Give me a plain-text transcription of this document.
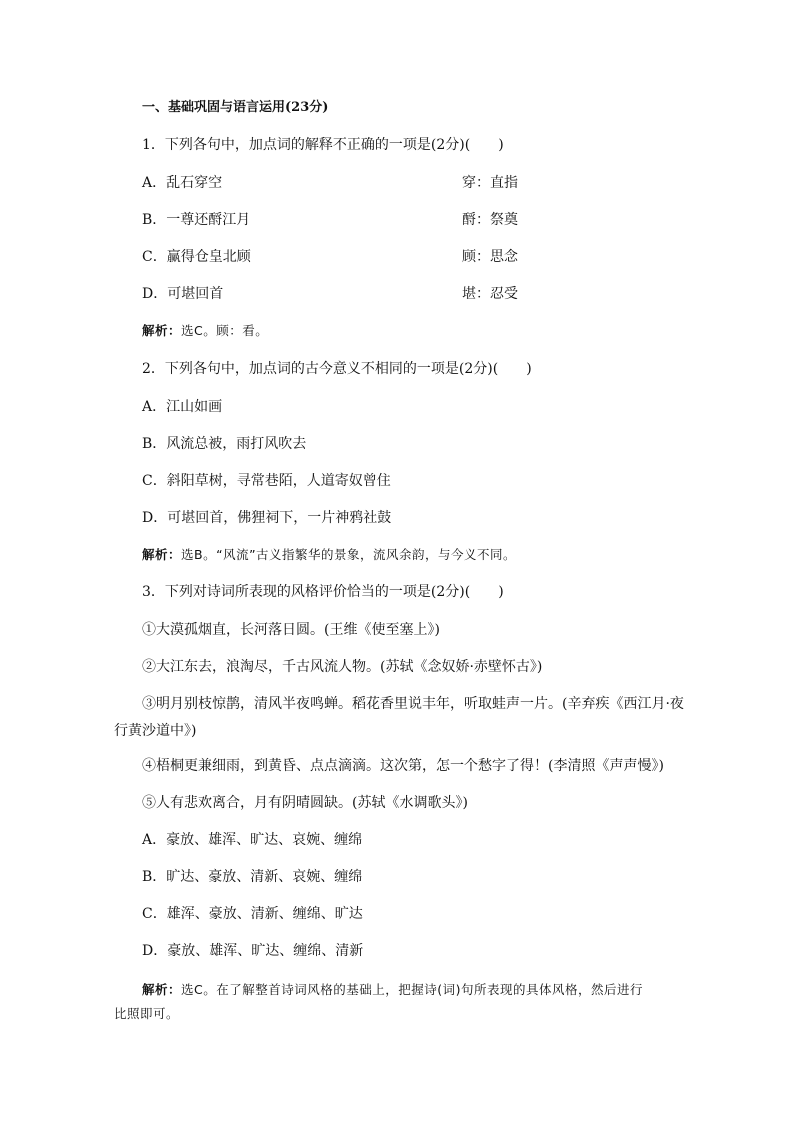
一、基础巩固与语言运用(23分)
1．下列各句中，加点词的解释不正确的一项是(2分)(　　)
A．乱石穿空	穿：直指
B．一尊还酹江月	酹：祭奠
C．赢得仓皇北顾	顾：思念
D．可堪回首	堪：忍受
解析：选C。顾：看。
2．下列各句中，加点词的古今意义不相同的一项是(2分)(　　)
A．江山如画
B．风流总被，雨打风吹去
C．斜阳草树，寻常巷陌，人道寄奴曾住
D．可堪回首，佛狸祠下，一片神鸦社鼓
解析：选B。“风流”古义指繁华的景象，流风余韵，与今义不同。
3．下列对诗词所表现的风格评价恰当的一项是(2分)(　　)
①大漠孤烟直，长河落日圆。(王维《使至塞上》)
②大江东去，浪淘尽，千古风流人物。(苏轼《念奴娇·赤壁怀古》)
③明月别枝惊鹊，清风半夜鸣蝉。稻花香里说丰年，听取蛙声一片。(辛弃疾《西江月·夜
行黄沙道中》)
④梧桐更兼细雨，到黄昏、点点滴滴。这次第，怎一个愁字了得！(李清照《声声慢》)
⑤人有悲欢离合，月有阴晴圆缺。(苏轼《水调歌头》)
A．豪放、雄浑、旷达、哀婉、缠绵
B．旷达、豪放、清新、哀婉、缠绵
C．雄浑、豪放、清新、缠绵、旷达
D．豪放、雄浑、旷达、缠绵、清新
解析：选C。在了解整首诗词风格的基础上，把握诗(词)句所表现的具体风格，然后进行
比照即可。
